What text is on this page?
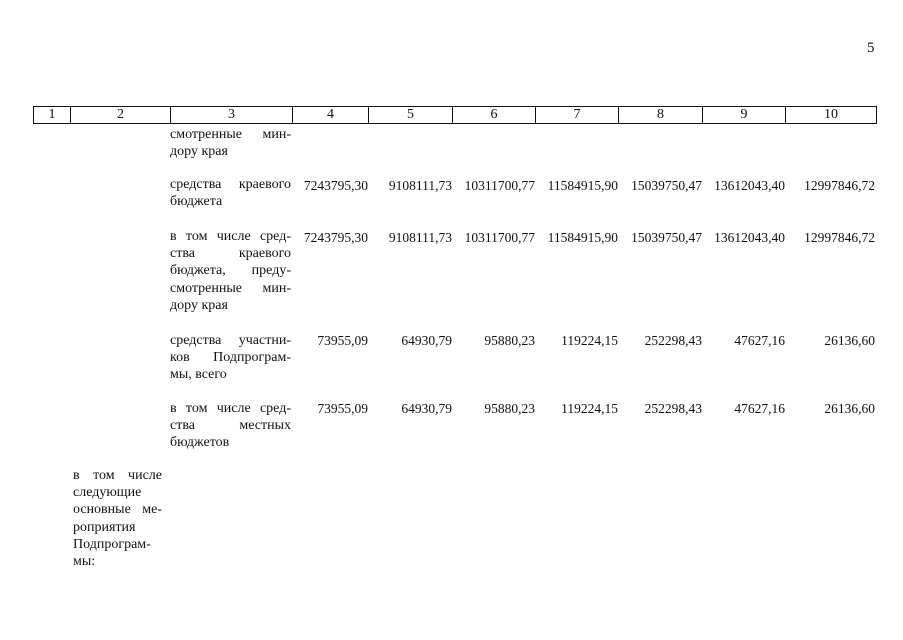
5
1	2	3	4	5	6	7	8	9	10
смотренные мин-
дору края
средства краевого
бюджета
7243795,30 9108111,73 10311700,77 11584915,90 15039750,47 13612043,40 12997846,72
в том числе сред-
ства краевого
бюджета, преду-
смотренные мин-
дору края
7243795,30 9108111,73 10311700,77 11584915,90 15039750,47 13612043,40 12997846,72
средства участни-
ков Подпрограм-
мы, всего
73955,09 64930,79 95880,23 119224,15 252298,43 47627,16	26136,60
в том числе сред-
ства местных
бюджетов
73955,09 64930,79 95880,23 119224,15 252298,43 47627,16	26136,60
в том числе
следующие
основные ме-
роприятия
Подпрограм-
мы:
